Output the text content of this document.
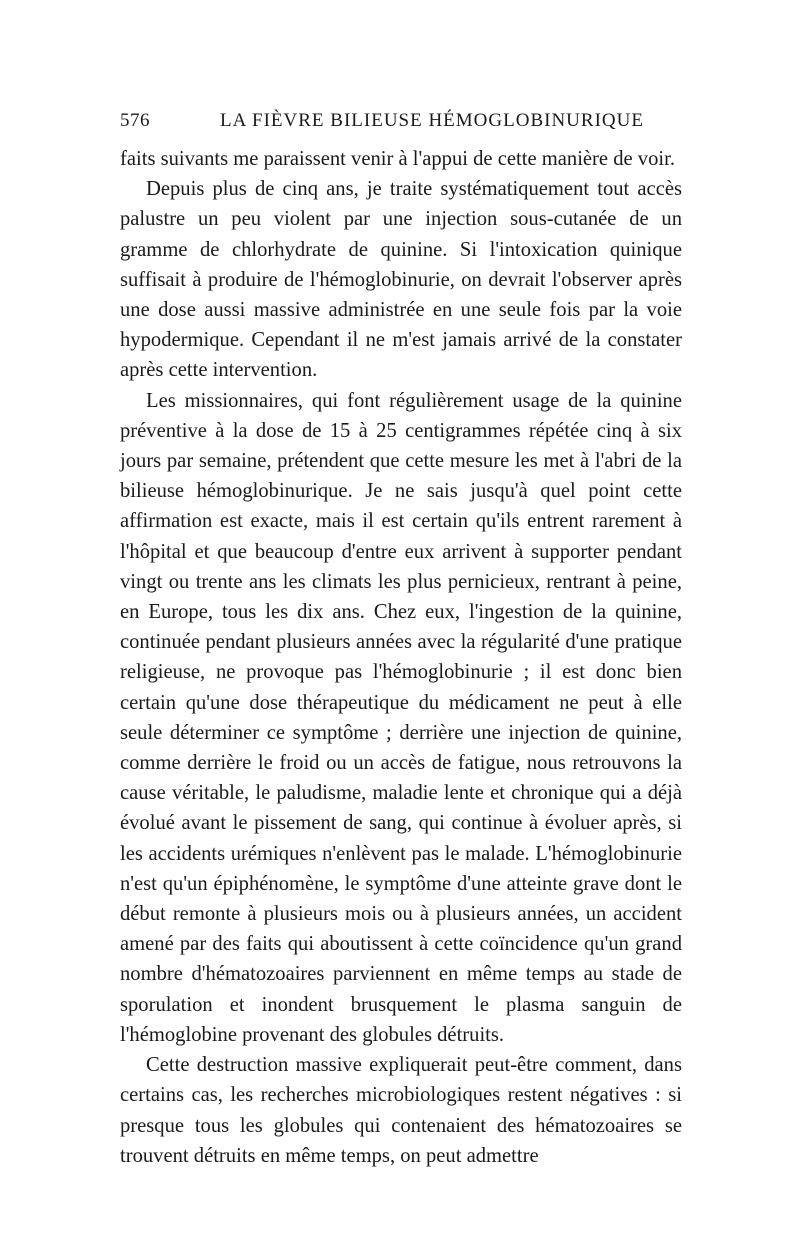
576	LA FIÈVRE BILIEUSE HÉMOGLOBINURIQUE

faits suivants me paraissent venir à l'appui de cette manière de voir.

Depuis plus de cinq ans, je traite systématiquement tout accès palustre un peu violent par une injection sous-cutanée de un gramme de chlorhydrate de quinine. Si l'intoxication quinique suffisait à produire de l'hémoglobinurie, on devrait l'observer après une dose aussi massive administrée en une seule fois par la voie hypodermique. Cependant il ne m'est jamais arrivé de la constater après cette intervention.

Les missionnaires, qui font régulièrement usage de la quinine préventive à la dose de 15 à 25 centigrammes répétée cinq à six jours par semaine, prétendent que cette mesure les met à l'abri de la bilieuse hémoglobinurique. Je ne sais jusqu'à quel point cette affirmation est exacte, mais il est certain qu'ils entrent rarement à l'hôpital et que beaucoup d'entre eux arrivent à supporter pendant vingt ou trente ans les climats les plus pernicieux, rentrant à peine, en Europe, tous les dix ans. Chez eux, l'ingestion de la quinine, continuée pendant plusieurs années avec la régularité d'une pratique religieuse, ne provoque pas l'hémoglobinurie ; il est donc bien certain qu'une dose thérapeutique du médicament ne peut à elle seule déterminer ce symptôme ; derrière une injection de quinine, comme derrière le froid ou un accès de fatigue, nous retrouvons la cause véritable, le paludisme, maladie lente et chronique qui a déjà évolué avant le pissement de sang, qui continue à évoluer après, si les accidents urémiques n'enlèvent pas le malade. L'hémoglobinurie n'est qu'un épiphénomène, le symptôme d'une atteinte grave dont le début remonte à plusieurs mois ou à plusieurs années, un accident amené par des faits qui aboutissent à cette coïncidence qu'un grand nombre d'hématozoaires parviennent en même temps au stade de sporulation et inondent brusquement le plasma sanguin de l'hémoglobine provenant des globules détruits.

Cette destruction massive expliquerait peut-être comment, dans certains cas, les recherches microbiologiques restent négatives : si presque tous les globules qui contenaient des hématozoaires se trouvent détruits en même temps, on peut admettre
